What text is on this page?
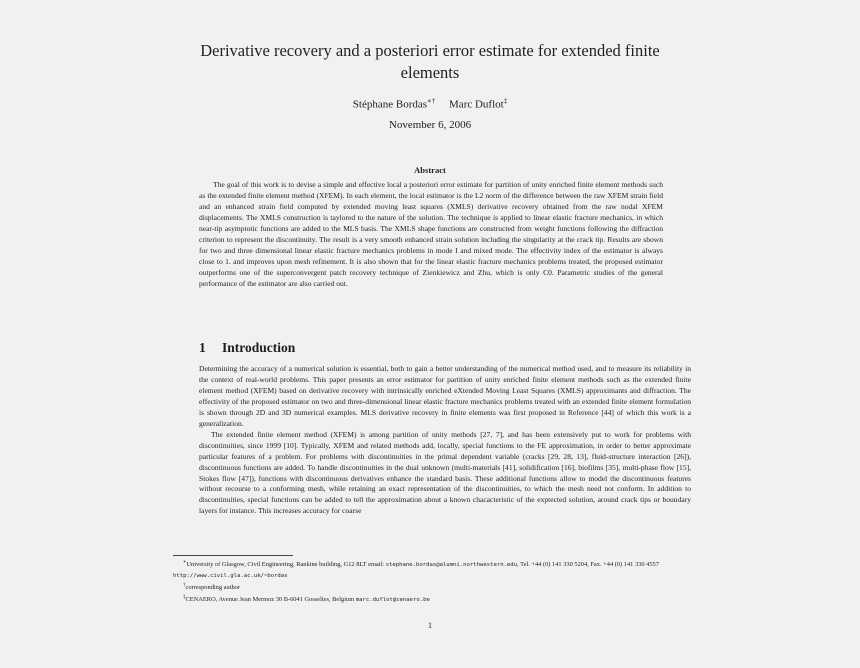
Derivative recovery and a posteriori error estimate for extended finite
elements
Stéphane Bordas∗† Marc Duflot‡
November 6, 2006
Abstract

The goal of this work is to devise a simple and effective local a posteriori error estimate for partition of unity enriched finite element methods such as the extended finite element method (XFEM). In each element, the local estimator is the L2 norm of the difference between the raw XFEM strain field and an enhanced strain field computed by extended moving least squares (XMLS) derivative recovery obtained from the raw nodal XFEM displacements. The XMLS construction is taylored to the nature of the solution. The technique is applied to linear elastic fracture mechanics, in which near-tip asymptotic functions are added to the MLS basis. The XMLS shape functions are constructed from weight functions following the diffraction criterion to represent the discontinuity. The result is a very smooth enhanced strain solution including the singularity at the crack tip. Results are shown for two and three dimensional linear elastic fracture mechanics problems in mode I and mixed mode. The effectivity index of the estimator is always close to 1. and improves upon mesh refinement. It is also shown that for the linear elastic fracture mechanics problems treated, the proposed estimator outperforms one of the superconvergent patch recovery technique of Zienkiewicz and Zhu, which is only C0. Parametric studies of the general performance of the estimator are also carried out.

1 Introduction

Determining the accuracy of a numerical solution is essential, both to gain a better understanding of the numerical method used, and to measure its reliability in the context of real-world problems. This paper presents an error estimator for partition of unity enriched finite element methods such as the extended finite element method (XFEM) based on derivative recovery with intrinsically enriched eXtended Moving Least Squares (XMLS) approximants and diffraction. The effectivity of the proposed estimator on two and three-dimensional linear elastic fracture mechanics problems treated with an extended finite element formulation is shown through 2D and 3D numerical examples. MLS derivative recovery in finite elements was first proposed in Reference [44] of which this work is a generalization.

The extended finite element method (XFEM) is among partition of unity methods [27, 7], and has been extensively put to work for problems with discontinuities, since 1999 [10]. Typically, XFEM and related methods add, locally, special functions to the FE approximation, in order to better approximate particular features of a problem. For problems with discontinuities in the primal dependent variable (cracks [29, 28, 13], fluid-structure interaction [26]), discontinuous functions are added. To handle discontinuities in the dual unknown (multi-materials [41], solidification [16], biofilms [35], multi-phase flow [15], Stokes flow [47]), functions with discontinuous derivatives enhance the standard basis. These additional functions allow to model the discontinuous features without recourse to a conforming mesh, while retaining an exact representation of the discontinuities, to which the mesh need not conform. In addition to discontinuities, special functions can be added to tell the approximation about a known chacacteristic of the exptected solution, around crack tips or boundary layers for instance. This increases accuracy for coarse

∗University of Glasgow, Civil Engineering, Rankine building, G12 8LT email: stephane.bordas@alumni.northwestern.edu, Tel. +44 (0) 141 330 5204, Fax. +44 (0) 141 330 4557 http://www.civil.gla.ac.uk/~bordas

†corresponding author

‡CENAERO, Avenue Jean Mermoz 30 B-6041 Gosselies, Belgium marc.duflot@cenaero.be

1
